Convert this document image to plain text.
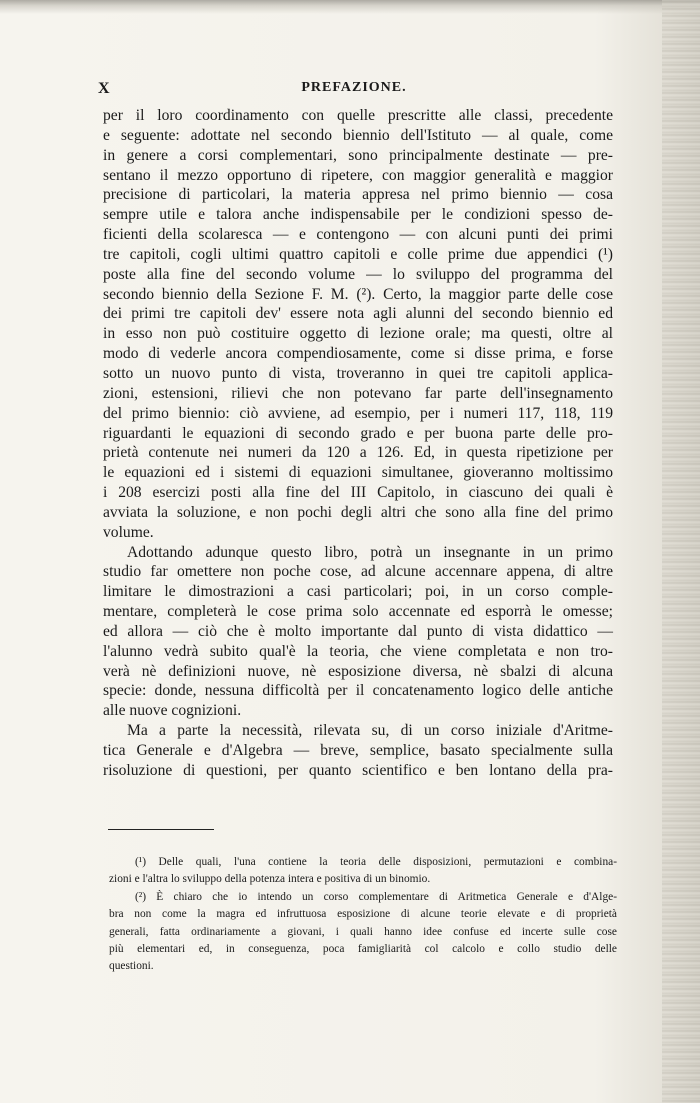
X	PREFAZIONE.
per il loro coordinamento con quelle prescritte alle classi, precedente
e seguente: adottate nel secondo biennio dell'Istituto — al quale, come
in genere a corsi complementari, sono principalmente destinate — pre-
sentano il mezzo opportuno di ripetere, con maggior generalità e maggior
precisione di particolari, la materia appresa nel primo biennio — cosa
sempre utile e talora anche indispensabile per le condizioni spesso de-
ficienti della scolaresca — e contengono — con alcuni punti dei primi
tre capitoli, cogli ultimi quattro capitoli e colle prime due appendici (¹)
poste alla fine del secondo volume — lo sviluppo del programma del
secondo biennio della Sezione F. M. (²). Certo, la maggior parte delle cose
dei primi tre capitoli dev' essere nota agli alunni del secondo biennio ed
in esso non può costituire oggetto di lezione orale; ma questi, oltre al
modo di vederle ancora compendiosamente, come si disse prima, e forse
sotto un nuovo punto di vista, troveranno in quei tre capitoli applica-
zioni, estensioni, rilievi che non potevano far parte dell'insegnamento
del primo biennio: ciò avviene, ad esempio, per i numeri 117, 118, 119
riguardanti le equazioni di secondo grado e per buona parte delle pro-
prietà contenute nei numeri da 120 a 126. Ed, in questa ripetizione per
le equazioni ed i sistemi di equazioni simultanee, gioveranno moltissimo
i 208 esercizi posti alla fine del III Capitolo, in ciascuno dei quali è
avviata la soluzione, e non pochi degli altri che sono alla fine del primo
volume.
Adottando adunque questo libro, potrà un insegnante in un primo
studio far omettere non poche cose, ad alcune accennare appena, di altre
limitare le dimostrazioni a casi particolari; poi, in un corso comple-
mentare, completerà le cose prima solo accennate ed esporrà le omesse;
ed allora — ciò che è molto importante dal punto di vista didattico —
l'alunno vedrà subito qual'è la teoria, che viene completata e non tro-
verà nè definizioni nuove, nè esposizione diversa, nè sbalzi di alcuna
specie: donde, nessuna difficoltà per il concatenamento logico delle antiche
alle nuove cognizioni.
Ma a parte la necessità, rilevata su, di un corso iniziale d'Aritme-
tica Generale e d'Algebra — breve, semplice, basato specialmente sulla
risoluzione di questioni, per quanto scientifico e ben lontano della pra-
(¹) Delle quali, l'una contiene la teoria delle disposizioni, permutazioni e combina-
zioni e l'altra lo sviluppo della potenza intera e positiva di un binomio.
(²) È chiaro che io intendo un corso complementare di Aritmetica Generale e d'Alge-
bra non come la magra ed infruttuosa esposizione di alcune teorie elevate e di proprietà
generali, fatta ordinariamente a giovani, i quali hanno idee confuse ed incerte sulle cose
più elementari ed, in conseguenza, poca famigliarità col calcolo e collo studio delle
questioni.
